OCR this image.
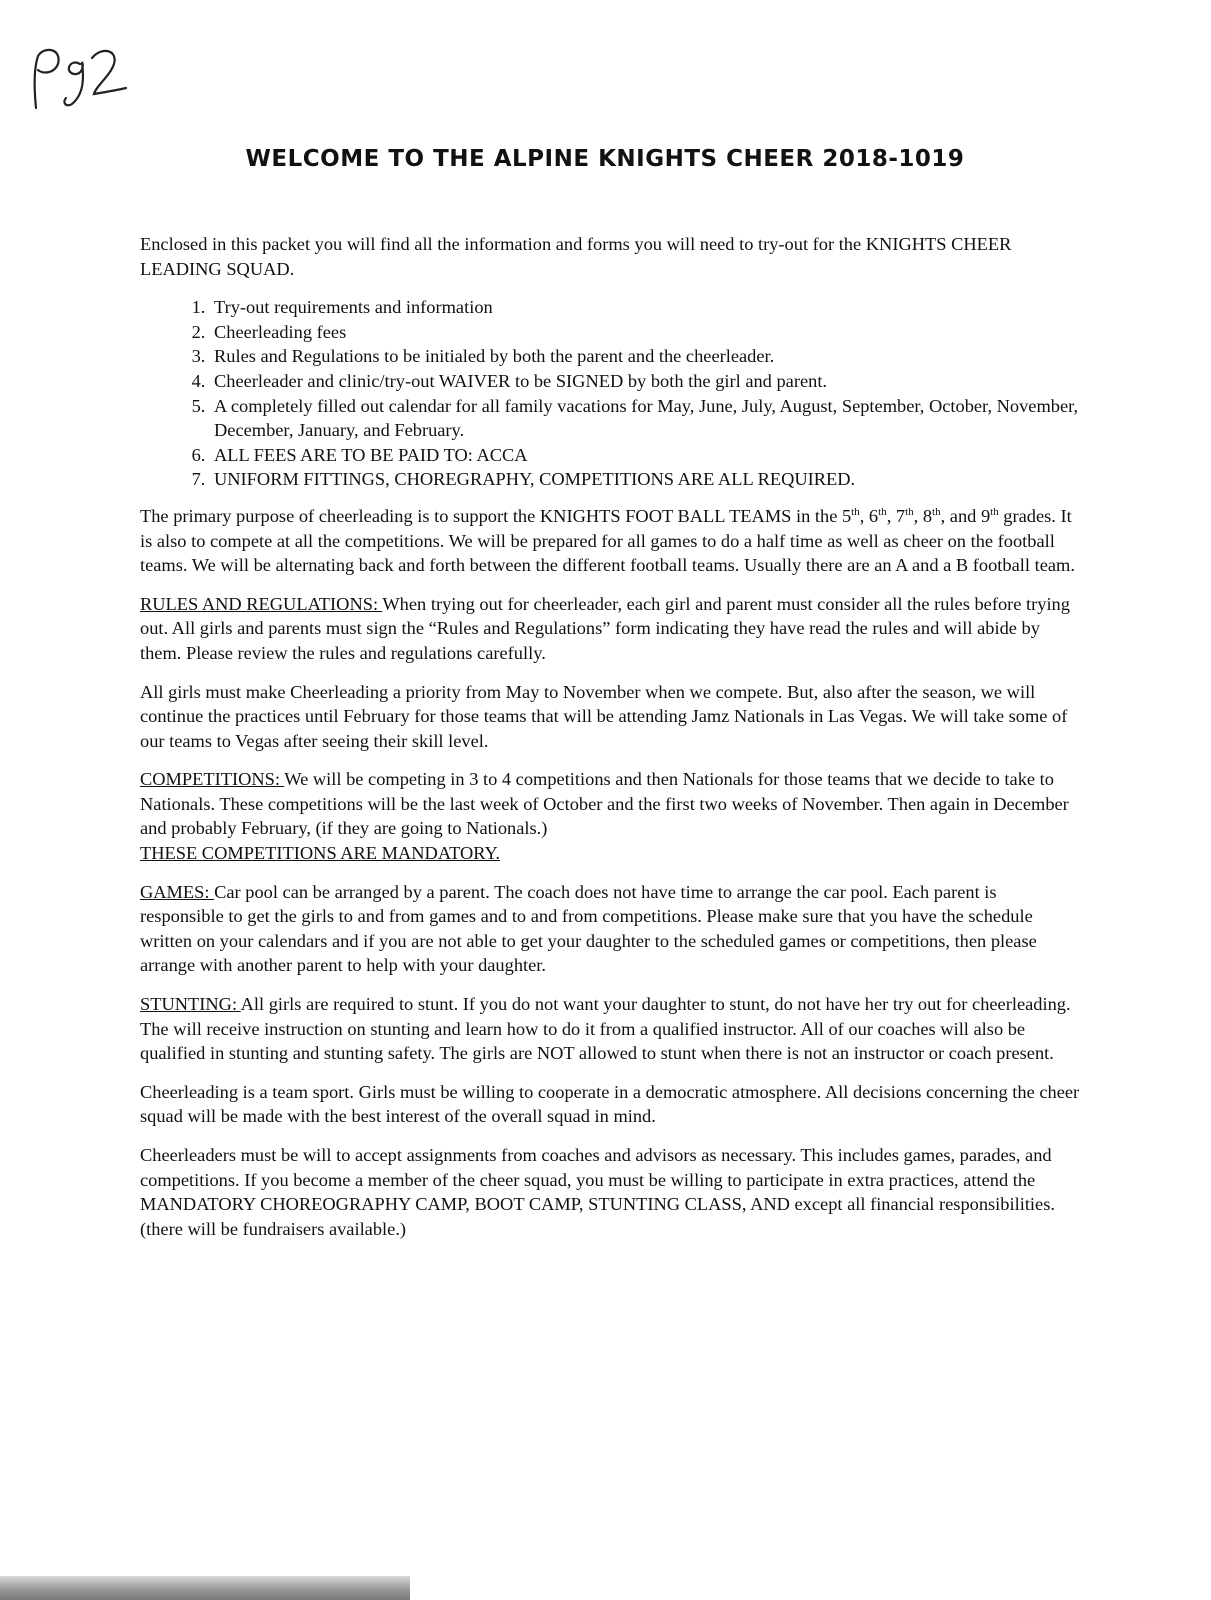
WELCOME TO THE ALPINE KNIGHTS CHEER 2018-1019

Enclosed in this packet you will find all the information and forms you will need to try-out for the KNIGHTS CHEER LEADING SQUAD.

1. Try-out requirements and information
2. Cheerleading fees
3. Rules and Regulations to be initialed by both the parent and the cheerleader.
4. Cheerleader and clinic/try-out WAIVER to be SIGNED by both the girl and parent.
5. A completely filled out calendar for all family vacations for May, June, July, August, September, October, November, December, January, and February.
6. ALL FEES ARE TO BE PAID TO: ACCA
7. UNIFORM FITTINGS, CHOREGRAPHY, COMPETITIONS ARE ALL REQUIRED.

The primary purpose of cheerleading is to support the KNIGHTS FOOT BALL TEAMS in the 5th, 6th, 7th, 8th, and 9th grades. It is also to compete at all the competitions. We will be prepared for all games to do a half time as well as cheer on the football teams. We will be alternating back and forth between the different football teams. Usually there are an A and a B football team.

RULES AND REGULATIONS: When trying out for cheerleader, each girl and parent must consider all the rules before trying out. All girls and parents must sign the “Rules and Regulations” form indicating they have read the rules and will abide by them. Please review the rules and regulations carefully.

All girls must make Cheerleading a priority from May to November when we compete. But, also after the season, we will continue the practices until February for those teams that will be attending Jamz Nationals in Las Vegas. We will take some of our teams to Vegas after seeing their skill level.

COMPETITIONS: We will be competing in 3 to 4 competitions and then Nationals for those teams that we decide to take to Nationals. These competitions will be the last week of October and the first two weeks of November. Then again in December and probably February, (if they are going to Nationals.)
THESE COMPETITIONS ARE MANDATORY.

GAMES: Car pool can be arranged by a parent. The coach does not have time to arrange the car pool. Each parent is responsible to get the girls to and from games and to and from competitions. Please make sure that you have the schedule written on your calendars and if you are not able to get your daughter to the scheduled games or competitions, then please arrange with another parent to help with your daughter.

STUNTING: All girls are required to stunt. If you do not want your daughter to stunt, do not have her try out for cheerleading. The will receive instruction on stunting and learn how to do it from a qualified instructor. All of our coaches will also be qualified in stunting and stunting safety. The girls are NOT allowed to stunt when there is not an instructor or coach present.

Cheerleading is a team sport. Girls must be willing to cooperate in a democratic atmosphere. All decisions concerning the cheer squad will be made with the best interest of the overall squad in mind.

Cheerleaders must be will to accept assignments from coaches and advisors as necessary. This includes games, parades, and competitions. If you become a member of the cheer squad, you must be willing to participate in extra practices, attend the MANDATORY CHOREOGRAPHY CAMP, BOOT CAMP, STUNTING CLASS, AND except all financial responsibilities. (there will be fundraisers available.)
